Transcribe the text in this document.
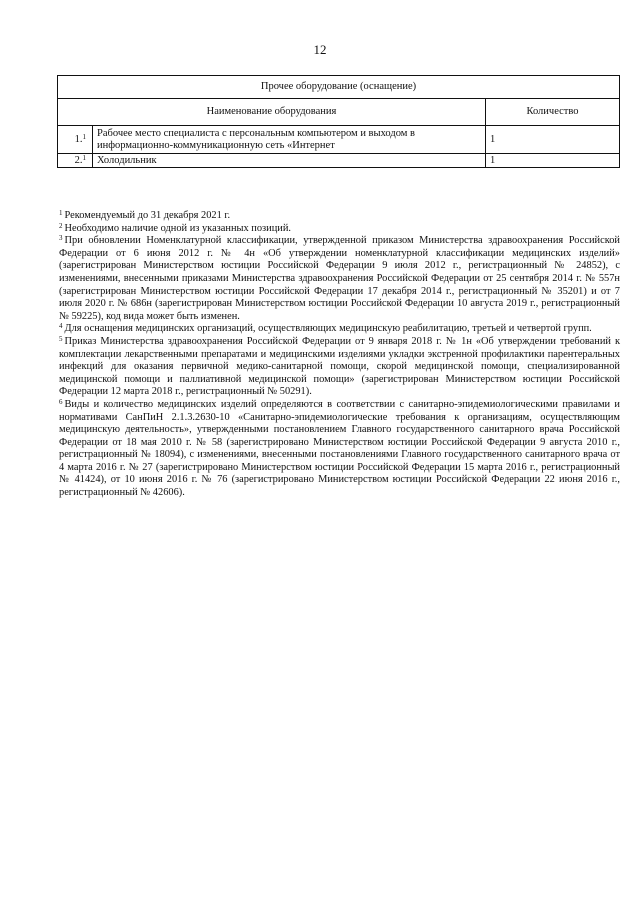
12
Прочее оборудование (оснащение)		
Наименование оборудования		Количество
1.$^1$	Рабочее место специалиста с персональным компьютером и выходом в информационно-коммуникационную сеть «Интернет	1
2.$^1$	Холодильник	1

$^1$ Рекомендуемый до 31 декабря 2021 г.

$^2$ Необходимо наличие одной из указанных позиций.

$^3$ При обновлении Номенклатурной классификации, утвержденной приказом Министерства здравоохранения Российской Федерации от 6 июня 2012 г. № 4н «Об утверждении номенклатурной классификации медицинских изделий» (зарегистрирован Министерством юстиции Российской Федерации 9 июля 2012 г., регистрационный № 24852), с изменениями, внесенными приказами Министерства здравоохранения Российской Федерации от 25 сентября 2014 г. № 557н (зарегистрирован Министерством юстиции Российской Федерации 17 декабря 2014 г., регистрационный № 35201) и от 7 июля 2020 г. № 686н (зарегистрирован Министерством юстиции Российской Федерации 10 августа 2019 г., регистрационный № 59225), код вида может быть изменен.

$^4$ Для оснащения медицинских организаций, осуществляющих медицинскую реабилитацию, третьей и четвертой групп.

$^5$ Приказ Министерства здравоохранения Российской Федерации от 9 января 2018 г. № 1н «Об утверждении требований к комплектации лекарственными препаратами и медицинскими изделиями укладки экстренной профилактики парентеральных инфекций для оказания первичной медико-санитарной помощи, скорой медицинской помощи, специализированной медицинской помощи и паллиативной медицинской помощи» (зарегистрирован Министерством юстиции Российской Федерации 12 марта 2018 г., регистрационный № 50291).

$^6$ Виды и количество медицинских изделий определяются в соответствии с санитарно-эпидемиологическими правилами и нормативами СанПиН 2.1.3.2630-10 «Санитарно-эпидемиологические требования к организациям, осуществляющим медицинскую деятельность», утвержденными постановлением Главного государственного санитарного врача Российской Федерации от 18 мая 2010 г. № 58 (зарегистрировано Министерством юстиции Российской Федерации 9 августа 2010 г., регистрационный № 18094), с изменениями, внесенными постановлениями Главного государственного санитарного врача от 4 марта 2016 г. № 27 (зарегистрировано Министерством юстиции Российской Федерации 15 марта 2016 г., регистрационный № 41424), от 10 июня 2016 г. № 76 (зарегистрировано Министерством юстиции Российской Федерации 22 июня 2016 г., регистрационный № 42606).
